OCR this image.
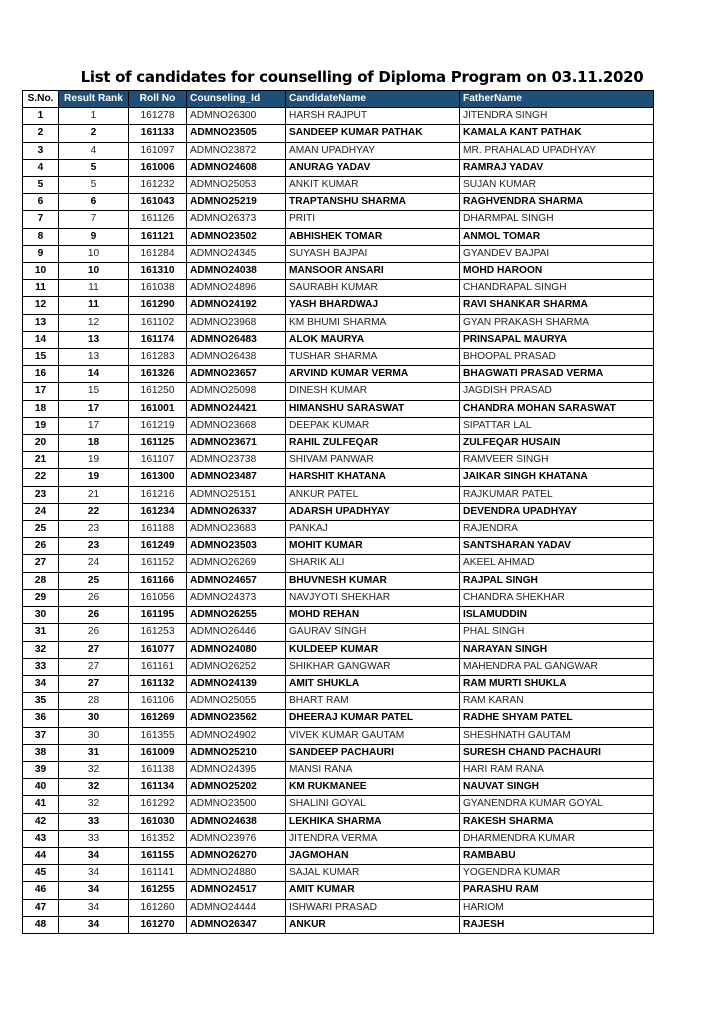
List of candidates for counselling of Diploma Program on 03.11.2020
S.No.	Result Rank	Roll No	Counseling_Id	CandidateName	FatherName
1	1	161278	ADMNO26300	HARSH RAJPUT	JITENDRA SINGH
2	2	161133	ADMNO23505	SANDEEP KUMAR PATHAK	KAMALA KANT PATHAK
3	4	161097	ADMNO23872	AMAN UPADHYAY	MR. PRAHALAD UPADHYAY
4	5	161006	ADMNO24608	ANURAG YADAV	RAMRAJ YADAV
5	5	161232	ADMNO25053	ANKIT KUMAR	SUJAN KUMAR
6	6	161043	ADMNO25219	TRAPTANSHU SHARMA	RAGHVENDRA SHARMA
7	7	161126	ADMNO26373	PRITI	DHARMPAL SINGH
8	9	161121	ADMNO23502	ABHISHEK TOMAR	ANMOL TOMAR
9	10	161284	ADMNO24345	SUYASH BAJPAI	GYANDEV BAJPAI
10	10	161310	ADMNO24038	MANSOOR ANSARI	MOHD HAROON
11	11	161038	ADMNO24896	SAURABH KUMAR	CHANDRAPAL SINGH
12	11	161290	ADMNO24192	YASH BHARDWAJ	RAVI SHANKAR SHARMA
13	12	161102	ADMNO23968	KM BHUMI SHARMA	GYAN PRAKASH SHARMA
14	13	161174	ADMNO26483	ALOK MAURYA	PRINSAPAL MAURYA
15	13	161283	ADMNO26438	TUSHAR SHARMA	BHOOPAL PRASAD
16	14	161326	ADMNO23657	ARVIND KUMAR VERMA	BHAGWATI PRASAD VERMA
17	15	161250	ADMNO25098	DINESH KUMAR	JAGDISH PRASAD
18	17	161001	ADMNO24421	HIMANSHU SARASWAT	CHANDRA MOHAN SARASWAT
19	17	161219	ADMNO23668	DEEPAK KUMAR	SIPATTAR LAL
20	18	161125	ADMNO23671	RAHIL ZULFEQAR	ZULFEQAR HUSAIN
21	19	161107	ADMNO23738	SHIVAM PANWAR	RAMVEER SINGH
22	19	161300	ADMNO23487	HARSHIT KHATANA	JAIKAR SINGH KHATANA
23	21	161216	ADMNO25151	ANKUR PATEL	RAJKUMAR PATEL
24	22	161234	ADMNO26337	ADARSH UPADHYAY	DEVENDRA UPADHYAY
25	23	161188	ADMNO23683	PANKAJ	RAJENDRA
26	23	161249	ADMNO23503	MOHIT KUMAR	SANTSHARAN YADAV
27	24	161152	ADMNO26269	SHARIK ALI	AKEEL AHMAD
28	25	161166	ADMNO24657	BHUVNESH KUMAR	RAJPAL SINGH
29	26	161056	ADMNO24373	NAVJYOTI SHEKHAR	CHANDRA SHEKHAR
30	26	161195	ADMNO26255	MOHD REHAN	ISLAMUDDIN
31	26	161253	ADMNO26446	GAURAV SINGH	PHAL SINGH
32	27	161077	ADMNO24080	KULDEEP KUMAR	NARAYAN SINGH
33	27	161161	ADMNO26252	SHIKHAR GANGWAR	MAHENDRA PAL GANGWAR
34	27	161132	ADMNO24139	AMIT SHUKLA	RAM MURTI SHUKLA
35	28	161106	ADMNO25055	BHART RAM	RAM KARAN
36	30	161269	ADMNO23562	DHEERAJ KUMAR PATEL	RADHE SHYAM PATEL
37	30	161355	ADMNO24902	VIVEK KUMAR GAUTAM	SHESHNATH GAUTAM
38	31	161009	ADMNO25210	SANDEEP PACHAURI	SURESH CHAND PACHAURI
39	32	161138	ADMNO24395	MANSI RANA	HARI RAM RANA
40	32	161134	ADMNO25202	KM RUKMANEE	NAUVAT SINGH
41	32	161292	ADMNO23500	SHALINI GOYAL	GYANENDRA KUMAR GOYAL
42	33	161030	ADMNO24638	LEKHIKA SHARMA	RAKESH SHARMA
43	33	161352	ADMNO23976	JITENDRA VERMA	DHARMENDRA KUMAR
44	34	161155	ADMNO26270	JAGMOHAN	RAMBABU
45	34	161141	ADMNO24880	SAJAL KUMAR	YOGENDRA KUMAR
46	34	161255	ADMNO24517	AMIT KUMAR	PARASHU RAM
47	34	161260	ADMNO24444	ISHWARI PRASAD	HARIOM
48	34	161270	ADMNO26347	ANKUR	RAJESH
